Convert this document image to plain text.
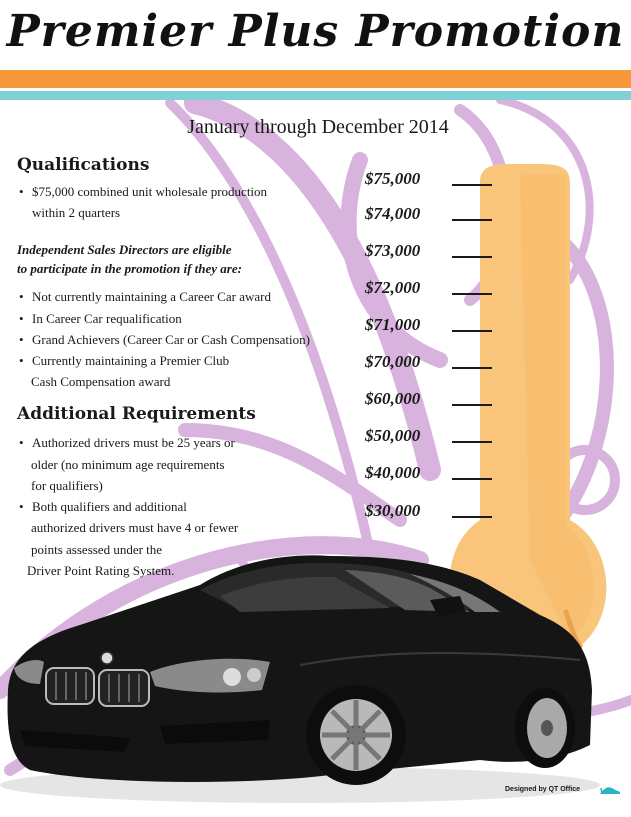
Premier Plus Promotion
January through December 2014
Qualifications
• $75,000 combined unit wholesale production
within 2 quarters
Independent Sales Directors are eligible
to participate in the promotion if they are:
• Not currently maintaining a Career Car award
• In Career Car requalification
• Grand Achievers (Career Car or Cash Compensation)
• Currently maintaining a Premier Club
Cash Compensation award
Additional Requirements
• Authorized drivers must be 25 years or
older (no minimum age requirements
for qualifiers)
• Both qualifiers and additional
authorized drivers must have 4 or fewer
points assessed under the
Driver Point Rating System.
$75,000
$74,000
$73,000
$72,000
$71,000
$70,000
$60,000
$50,000
$40,000
$30,000
Designed by QT Office
